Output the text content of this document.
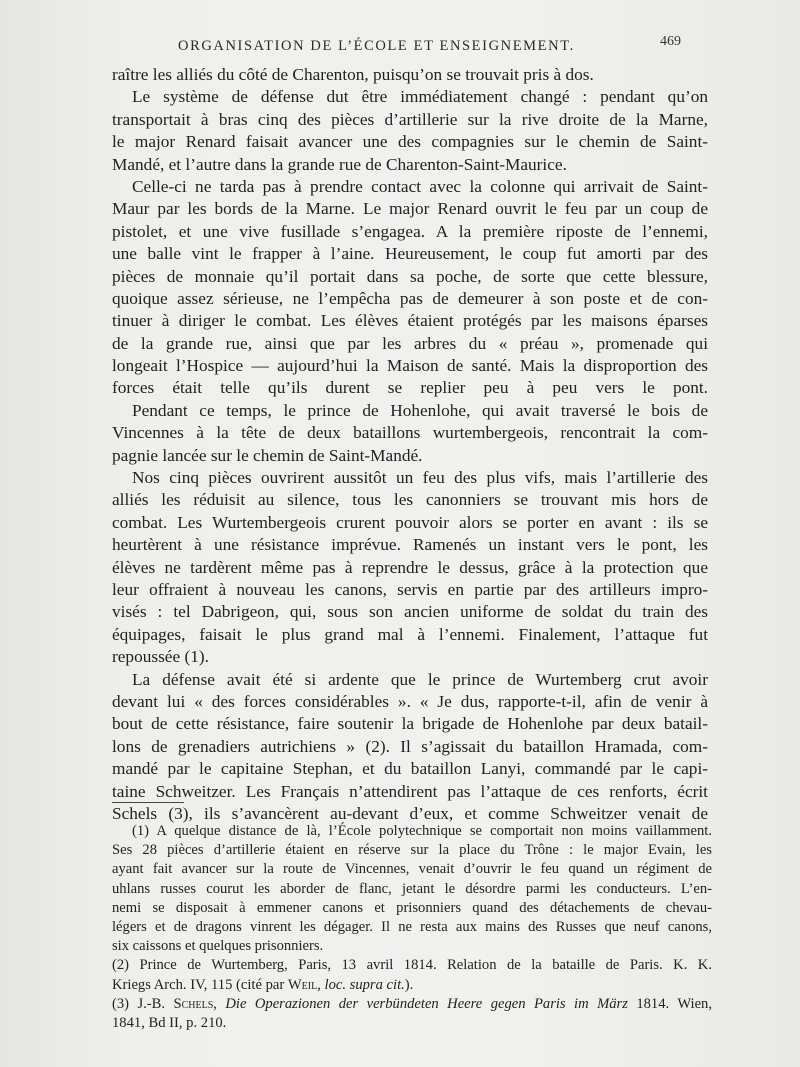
ORGANISATION DE L’ÉCOLE ET ENSEIGNEMENT.	469
raître les alliés du côté de Charenton, puisqu’on se trouvait pris à dos.
Le système de défense dut être immédiatement changé : pendant qu’on
transportait à bras cinq des pièces d’artillerie sur la rive droite de la Marne,
le major Renard faisait avancer une des compagnies sur le chemin de Saint-
Mandé, et l’autre dans la grande rue de Charenton-Saint-Maurice.
Celle-ci ne tarda pas à prendre contact avec la colonne qui arrivait de Saint-
Maur par les bords de la Marne. Le major Renard ouvrit le feu par un coup de
pistolet, et une vive fusillade s’engagea. A la première riposte de l’ennemi,
une balle vint le frapper à l’aine. Heureusement, le coup fut amorti par des
pièces de monnaie qu’il portait dans sa poche, de sorte que cette blessure,
quoique assez sérieuse, ne l’empêcha pas de demeurer à son poste et de con-
tinuer à diriger le combat. Les élèves étaient protégés par les maisons éparses
de la grande rue, ainsi que par les arbres du « préau », promenade qui
longeait l’Hospice — aujourd’hui la Maison de santé. Mais la disproportion des
forces était telle qu’ils durent se replier peu à peu vers le pont.
Pendant ce temps, le prince de Hohenlohe, qui avait traversé le bois de
Vincennes à la tête de deux bataillons wurtembergeois, rencontrait la com-
pagnie lancée sur le chemin de Saint-Mandé.
Nos cinq pièces ouvrirent aussitôt un feu des plus vifs, mais l’artillerie des
alliés les réduisit au silence, tous les canonniers se trouvant mis hors de
combat. Les Wurtembergeois crurent pouvoir alors se porter en avant : ils se
heurtèrent à une résistance imprévue. Ramenés un instant vers le pont, les
élèves ne tardèrent même pas à reprendre le dessus, grâce à la protection que
leur offraient à nouveau les canons, servis en partie par des artilleurs impro-
visés : tel Dabrigeon, qui, sous son ancien uniforme de soldat du train des
équipages, faisait le plus grand mal à l’ennemi. Finalement, l’attaque fut
repoussée (1).
La défense avait été si ardente que le prince de Wurtemberg crut avoir
devant lui « des forces considérables ». « Je dus, rapporte-t-il, afin de venir à
bout de cette résistance, faire soutenir la brigade de Hohenlohe par deux batail-
lons de grenadiers autrichiens » (2). Il s’agissait du bataillon Hramada, com-
mandé par le capitaine Stephan, et du bataillon Lanyi, commandé par le capi-
taine Schweitzer. Les Français n’attendirent pas l’attaque de ces renforts, écrit
Schels (3), ils s’avancèrent au-devant d’eux, et comme Schweitzer venait de
(1) A quelque distance de là, l’École polytechnique se comportait non moins vaillamment.
Ses 28 pièces d’artillerie étaient en réserve sur la place du Trône : le major Evain, les
ayant fait avancer sur la route de Vincennes, venait d’ouvrir le feu quand un régiment de
uhlans russes courut les aborder de flanc, jetant le désordre parmi les conducteurs. L’en-
nemi se disposait à emmener canons et prisonniers quand des détachements de chevau-
légers et de dragons vinrent les dégager. Il ne resta aux mains des Russes que neuf canons,
six caissons et quelques prisonniers.
(2) Prince de Wurtemberg, Paris, 13 avril 1814. Relation de la bataille de Paris. K. K.
Kriegs Arch. IV, 115 (cité par Weil, loc. supra cit.).
(3) J.-B. Schels, Die Operazionen der verbündeten Heere gegen Paris im März 1814. Wien,
1841, Bd II, p. 210.
